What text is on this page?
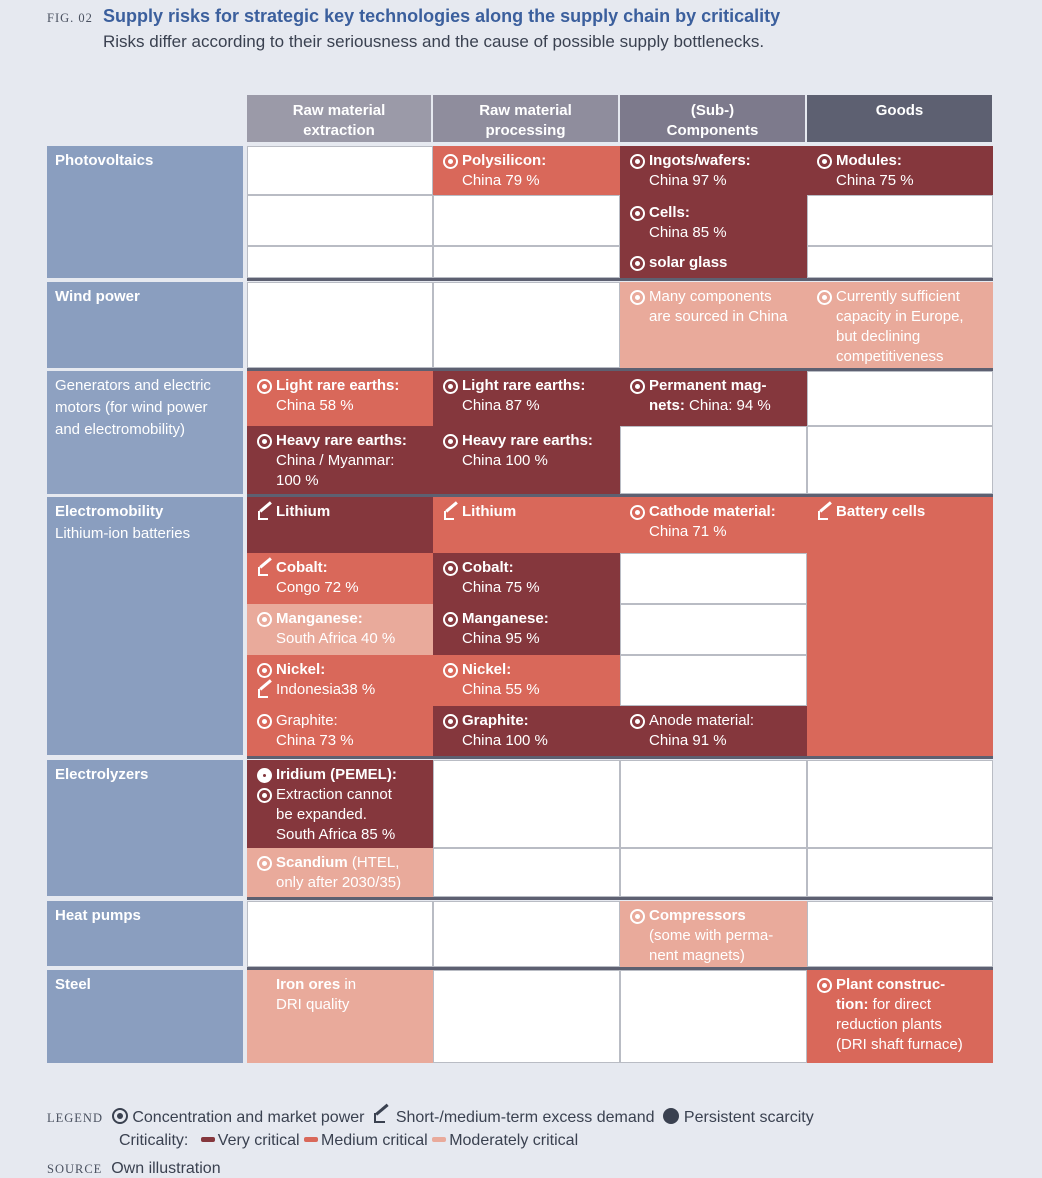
FIG. 02 Supply risks for strategic key technologies along the supply chain by criticality
Risks differ according to their seriousness and the cause of possible supply bottlenecks.
Raw material
extraction
Raw material
processing
(Sub-)
Components
Goods
Photovoltaics
Wind power
Generators and electric motors (for wind power and electromobility)
Electromobility
Lithium-ion batteries
Electrolyzers
Heat pumps
Steel
Polysilicon:
China 79 %
Ingots/wafers:
China 97 %
Cells:
China 85 %
solar glass
Modules:
China 75 %
Many components
are sourced in China
Currently sufficient
capacity in Europe,
but declining
competitiveness
Light rare earths:
China 58 %
Light rare earths:
China 87 %
Permanent mag-
nets: China: 94 %
Heavy rare earths:
China / Myanmar:
100 %
Heavy rare earths:
China 100 %
Lithium	Lithium	Cathode material:
China 71 %
Battery cells
Cobalt:
Congo 72 %
Cobalt:
China 75 %
Manganese:
South Africa 40 %
Manganese:
China 95 %
Nickel:
Indonesia38 %
Nickel:
China 55 %
Graphite:
China 73 %
Graphite:
China 100 %
Anode material:
China 91 %
Iridium (PEMEL):
Extraction cannot
be expanded.
South Africa 85 %
Scandium (HTEL,
only after 2030/35)
Compressors
(some with perma-
nent magnets)
Iron ores in
DRI quality
Plant construc-
tion: for direct
reduction plants
(DRI shaft furnace)
LEGEND Concentration and market power Short-/medium-term excess demand Persistent scarcity
Criticality: Very critical Medium critical Moderately critical
SOURCE Own illustration
